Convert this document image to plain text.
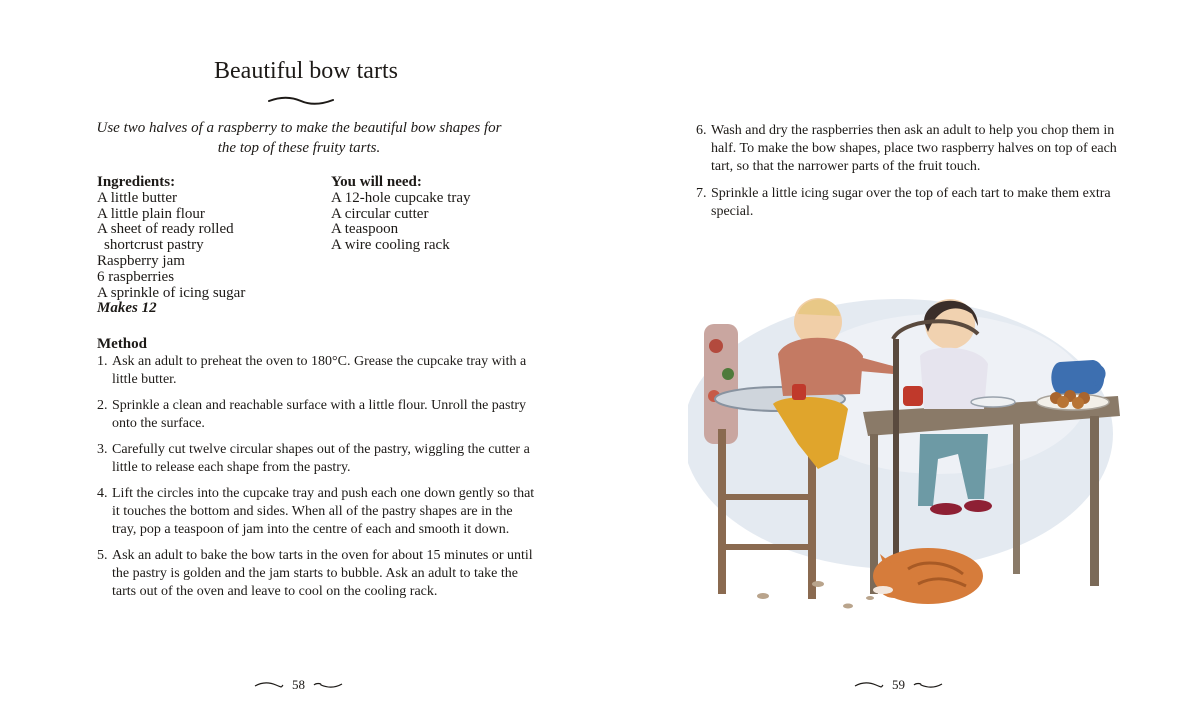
Beautiful bow tarts

Use two halves of a raspberry to make the beautiful bow shapes for the top of these fruity tarts.

Ingredients:
A little butter
A little plain flour
A sheet of ready rolled
shortcrust pastry
Raspberry jam
6 raspberries
A sprinkle of icing sugar
Makes 12
You will need:
A 12-hole cupcake tray
A circular cutter
A teaspoon
A wire cooling rack
Method
1. Ask an adult to preheat the oven to 180°C. Grease the cupcake tray with a little butter.
2. Sprinkle a clean and reachable surface with a little flour. Unroll the pastry onto the surface.
3. Carefully cut twelve circular shapes out of the pastry, wiggling the cutter a little to release each shape from the pastry.
4. Lift the circles into the cupcake tray and push each one down gently so that it touches the bottom and sides. When all of the pastry shapes are in the tray, pop a teaspoon of jam into the centre of each and smooth it down.
5. Ask an adult to bake the bow tarts in the oven for about 15 minutes or until the pastry is golden and the jam starts to bubble. Ask an adult to take the tarts out of the oven and leave to cool on the cooling rack.
58
6. Wash and dry the raspberries then ask an adult to help you chop them in half. To make the bow shapes, place two raspberry halves on top of each tart, so that the narrower parts of the fruit touch.
7. Sprinkle a little icing sugar over the top of each tart to make them extra special.
59
